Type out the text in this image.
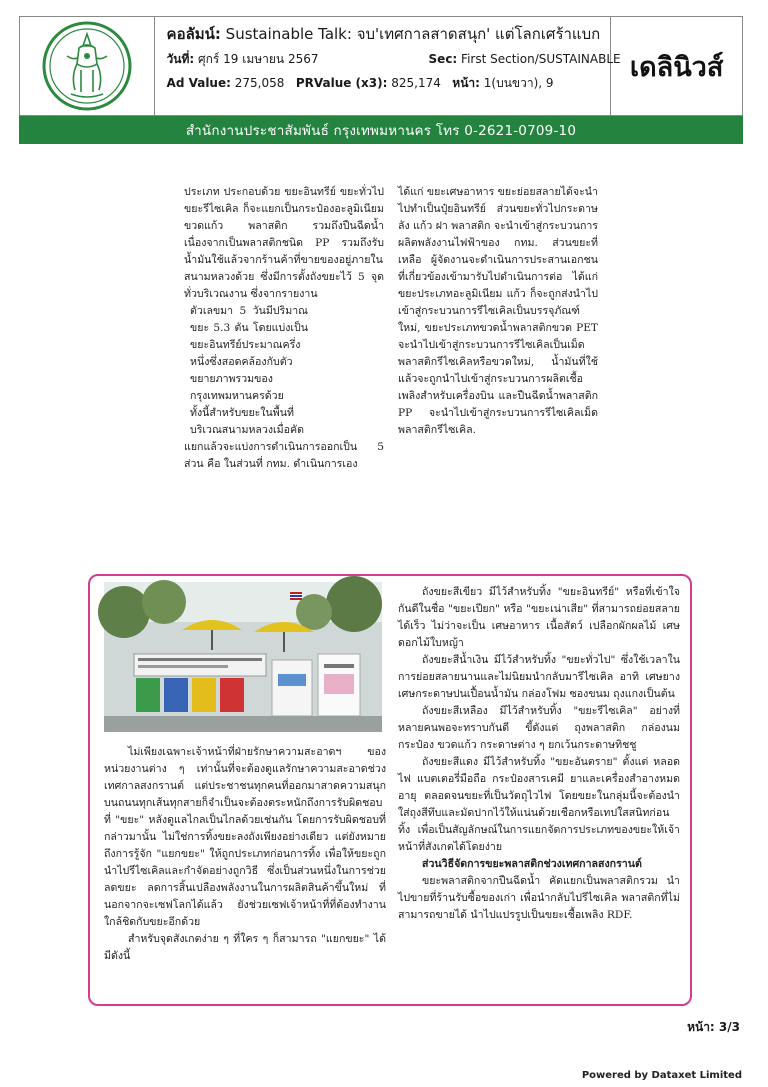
คอลัมน์: Sustainable Talk: จบ'เทศกาลสาดสนุก' แต่โลกเศร้าแบก
วันที่: ศุกร์ 19 เมษายน 2567	Sec: First Section/SUSTAINABLE
Ad Value: 275,058 PRValue (x3): 825,174 หน้า: 1(บนขวา), 9
เดลินิวส์
สำนักงานประชาสัมพันธ์ กรุงเทพมหานคร โทร 0-2621-0709-10

ประเภท ประกอบด้วย ขยะอินทรีย์ ขยะทั่วไป ขยะรีไซเคิล ก็จะแยกเป็นกระป๋องอะลูมิเนียม ขวดแก้ว พลาสติก รวมถึงปืนฉีดน้ำ เนื่องจากเป็นพลาสติกชนิด PP รวมถึงรับน้ำมันใช้แล้วจากร้านค้าที่ขายของอยู่ภายในสนามหลวงด้วย ซึ่งมีการตั้งถังขยะไว้ 5 จุดทั่วบริเวณงาน ซึ่งจากรายงาน

ตัวเลขมา 5 วันมีปริมาณขยะ 5.3 ตัน โดยแบ่งเป็นขยะอินทรีย์ประมาณครึ่งหนึ่งซึ่งสอดคล้องกับตัวขยายภาพรวมของกรุงเทพมหานครด้วย

ทั้งนี้สำหรับขยะในพื้นที่บริเวณสนามหลวงเมื่อคัด

แยกแล้วจะแบ่งการดำเนินการออกเป็น 5 ส่วน คือ ในส่วนที่ กทม. ดำเนินการเอง

ได้แก่ ขยะเศษอาหาร ขยะย่อยสลายได้จะนำไปทำเป็นปุ๋ยอินทรีย์ ส่วนขยะทั่วไปกระดาษลัง แก้ว ฝา พลาสติก จะนำเข้าสู่กระบวนการผลิตพลังงานไฟฟ้าของ กทม. ส่วนขยะที่เหลือ ผู้จัดงานจะดำเนินการประสานเอกชนที่เกี่ยวข้องเข้ามารับไปดำเนินการต่อ ได้แก่ ขยะประเภทอะลูมิเนียม แก้ว ก็จะถูกส่งนำไปเข้าสู่กระบวนการรีไซเคิลเป็นบรรจุภัณฑ์ใหม่, ขยะประเภทขวดน้ำพลาสติกขวด PET จะนำไปเข้าสู่กระบวนการรีไซเคิลเป็นเม็ดพลาสติกรีไซเคิลหรือขวดใหม่, น้ำมันที่ใช้แล้วจะถูกนำไปเข้าสู่กระบวนการผลิตเชื้อเพลิงสำหรับเครื่องบิน และปืนฉีดน้ำพลาสติก PP จะนำไปเข้าสู่กระบวนการรีไซเคิลเม็ดพลาสติกรีไซเคิล.

ไม่เพียงเฉพาะเจ้าหน้าที่ฝ่ายรักษาความสะอาดฯ ของหน่วยงานต่าง ๆ เท่านั้นที่จะต้องดูแลรักษาความสะอาดช่วงเทศกาลสงกรานต์ แต่ประชาชนทุกคนที่ออกมาสาดความสนุกบนถนนทุกเส้นทุกสายก็จำเป็นจะต้องตระหนักถึงการรับผิดชอบที่ "ขยะ" หลังดูแลไกลเป็นไกลด้วยเช่นกัน โดยการรับผิดชอบที่กล่าวมานั้น ไม่ใช่การทิ้งขยะลงถังเพียงอย่างเดียว แต่ยังหมายถึงการรู้จัก "แยกขยะ" ให้ถูกประเภทก่อนการทิ้ง เพื่อให้ขยะถูกนำไปรีไซเคิลและกำจัดอย่างถูกวิธี ซึ่งเป็นส่วนหนึ่งในการช่วยลดขยะ ลดการสิ้นเปลืองพลังงานในการผลิตสินค้าขึ้นใหม่ ที่นอกจากจะเซฟโลกได้แล้ว ยังช่วยเซฟเจ้าหน้าที่ที่ต้องทำงานใกล้ชิดกับขยะอีกด้วย

สำหรับจุดสังเกตง่าย ๆ ที่ใคร ๆ ก็สามารถ "แยกขยะ" ได้ มีดังนี้

ถังขยะสีเขียว มีไว้สำหรับทิ้ง "ขยะอินทรีย์" หรือที่เข้าใจกันดีในชื่อ "ขยะเปียก" หรือ "ขยะเน่าเสีย" ที่สามารถย่อยสลายได้เร็ว ไม่ว่าจะเป็น เศษอาหาร เนื้อสัตว์ เปลือกผักผลไม้ เศษดอกไม้ใบหญ้า

ถังขยะสีน้ำเงิน มีไว้สำหรับทิ้ง "ขยะทั่วไป" ซึ่งใช้เวลาในการย่อยสลายนานและไม่นิยมนำกลับมารีไซเคิล อาทิ เศษยาง เศษกระดาษปนเปื้อนน้ำมัน กล่องโฟม ซองขนม ถุงแกงเป็นต้น

ถังขยะสีเหลือง มีไว้สำหรับทิ้ง "ขยะรีไซเคิล" อย่างที่หลายคนพอจะทราบกันดี ขี้ดังแต่ ถุงพลาสติก กล่องนม กระป๋อง ขวดแก้ว กระดาษต่าง ๆ ยกเว้นกระดาษทิชชู

ถังขยะสีแดง มีไว้สำหรับทิ้ง "ขยะอันตราย" ตั้งแต่ หลอดไฟ แบตเตอรี่มือถือ กระป๋องสารเคมี ยาและเครื่องสำอางหมดอายุ ตลอดจนขยะที่เป็นวัตถุไวไฟ โดยขยะในกลุ่มนี้จะต้องนำใส่ถุงสีทึบและมัดปากไว้ให้แน่นด้วยเชือกหรือเทปใสสนิทก่อนทิ้ง เพื่อเป็นสัญลักษณ์ในการแยกจัดการประเภทของขยะให้เจ้าหน้าที่สังเกตได้โดยง่าย

ส่วนวิธีจัดการขยะพลาสติกช่วงเทศกาลสงกรานต์

ขยะพลาสติกจากปืนฉีดน้ำ คัดแยกเป็นพลาสติกรวม นำไปขายที่ร้านรับซื้อของเก่า เพื่อนำกลับไปรีไซเคิล พลาสติกที่ไม่สามารถขายได้ นำไปแปรรูปเป็นขยะเชื้อเพลิง RDF.

หน้า: 3/3
Powered by Dataxet Limited
